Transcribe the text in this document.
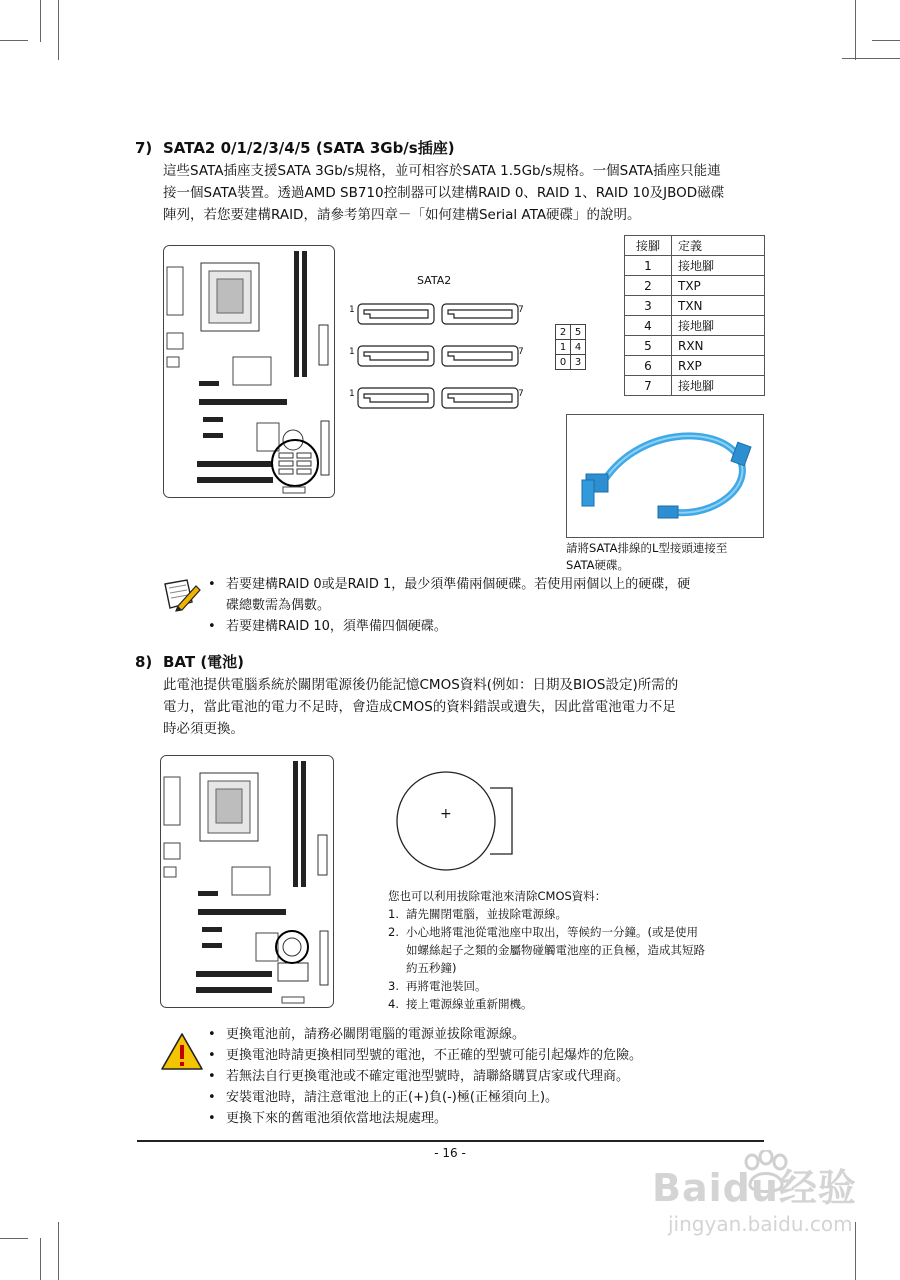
7) SATA2 0/1/2/3/4/5 (SATA 3Gb/s插座)
這些SATA插座支援SATA 3Gb/s規格，並可相容於SATA 1.5Gb/s規格。一個SATA插座只能連
接一個SATA裝置。透過AMD SB710控制器可以建構RAID 0、RAID 1、RAID 10及JBOD磁碟
陣列，若您要建構RAID，請參考第四章－「如何建構Serial ATA硬碟」的說明。
SATA2
1
1
1
7
7
7
2	5
1	4
0	3
接腳	定義
1	接地腳
2	TXP
3	TXN
4	接地腳
5	RXN
6	RXP
7	接地腳
請將SATA排線的L型接頭連接至
SATA硬碟。
• 若要建構RAID 0或是RAID 1，最少須準備兩個硬碟。若使用兩個以上的硬碟，硬
碟總數需為偶數。
• 若要建構RAID 10，須準備四個硬碟。
8) BAT (電池)
此電池提供電腦系統於關閉電源後仍能記憶CMOS資料(例如：日期及BIOS設定)所需的
電力，當此電池的電力不足時，會造成CMOS的資料錯誤或遺失，因此當電池電力不足
時必須更換。
+
您也可以利用拔除電池來清除CMOS資料：
1. 請先關閉電腦，並拔除電源線。
2. 小心地將電池從電池座中取出，等候約一分鐘。(或是使用
如螺絲起子之類的金屬物碰觸電池座的正負極，造成其短路
約五秒鐘)
3. 再將電池裝回。
4. 接上電源線並重新開機。
• 更換電池前，請務必關閉電腦的電源並拔除電源線。
• 更換電池時請更換相同型號的電池，不正確的型號可能引起爆炸的危險。
• 若無法自行更換電池或不確定電池型號時，請聯絡購買店家或代理商。
• 安裝電池時，請注意電池上的正(+)負(-)極(正極須向上)。
• 更換下來的舊電池須依當地法規處理。
- 16 -
Baidu经验
jingyan.baidu.com
